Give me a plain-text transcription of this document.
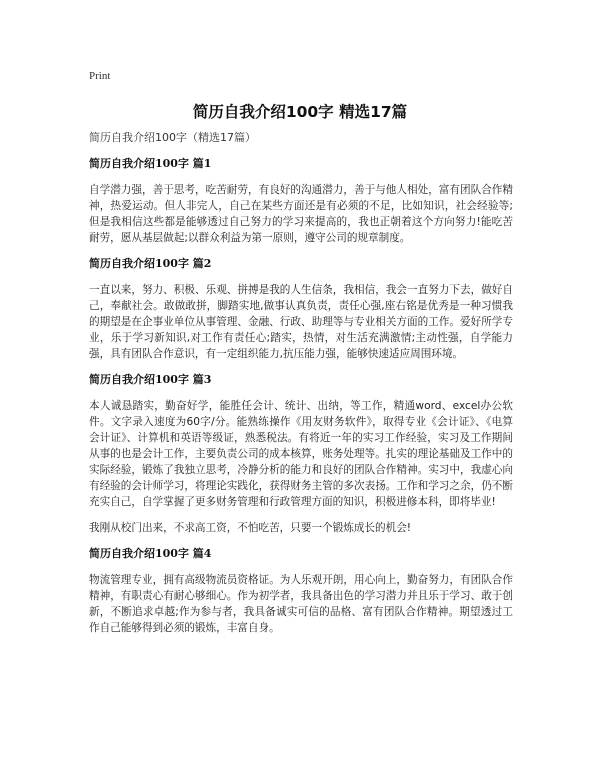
Print
简历自我介绍100字 精选17篇

简历自我介绍100字（精选17篇）

简历自我介绍100字 篇1

自学潜力强，善于思考，吃苦耐劳，有良好的沟通潜力，善于与他人相处，富有团队合作精神，热爱运动。但人非完人，自己在某些方面还是有必须的不足，比如知识，社会经验等;但是我相信这些都是能够透过自己努力的学习来提高的，我也正朝着这个方向努力!能吃苦耐劳，愿从基层做起;以群众利益为第一原则，遵守公司的规章制度。

简历自我介绍100字 篇2

一直以来，努力、积极、乐观、拼搏是我的人生信条，我相信，我会一直努力下去，做好自己，奉献社会。敢做敢拼，脚踏实地,做事认真负责，责任心强,座右铭是优秀是一种习惯我的期望是在企事业单位从事管理、金融、行政、助理等与专业相关方面的工作。爱好所学专业，乐于学习新知识,对工作有责任心;踏实，热情，对生活充满激情;主动性强，自学能力强，具有团队合作意识，有一定组织能力,抗压能力强，能够快速适应周围环境。

简历自我介绍100字 篇3

本人诚恳踏实，勤奋好学，能胜任会计、统计、出纳，等工作，精通word、excel办公软件。文字录入速度为60字/分。能熟练操作《用友财务软件》，取得专业《会计证》、《电算会计证》、计算机和英语等级证，熟悉税法。有将近一年的实习工作经验，实习及工作期间从事的也是会计工作，主要负责公司的成本核算，账务处理等。扎实的理论基础及工作中的实际经验，锻炼了我独立思考，冷静分析的能力和良好的团队合作精神。实习中，我虚心向有经验的会计师学习，将理论实践化，获得财务主管的多次表扬。工作和学习之余，仍不断充实自己，自学掌握了更多财务管理和行政管理方面的知识，积极进修本科，即将毕业!

我刚从校门出来，不求高工资，不怕吃苦，只要一个锻炼成长的机会!

简历自我介绍100字 篇4

物流管理专业，拥有高级物流员资格证。为人乐观开朗，用心向上，勤奋努力，有团队合作精神，有职责心有耐心够细心。作为初学者，我具备出色的学习潜力并且乐于学习、敢于创新，不断追求卓越;作为参与者，我具备诚实可信的品格、富有团队合作精神。期望透过工作自己能够得到必须的锻炼，丰富自身。
